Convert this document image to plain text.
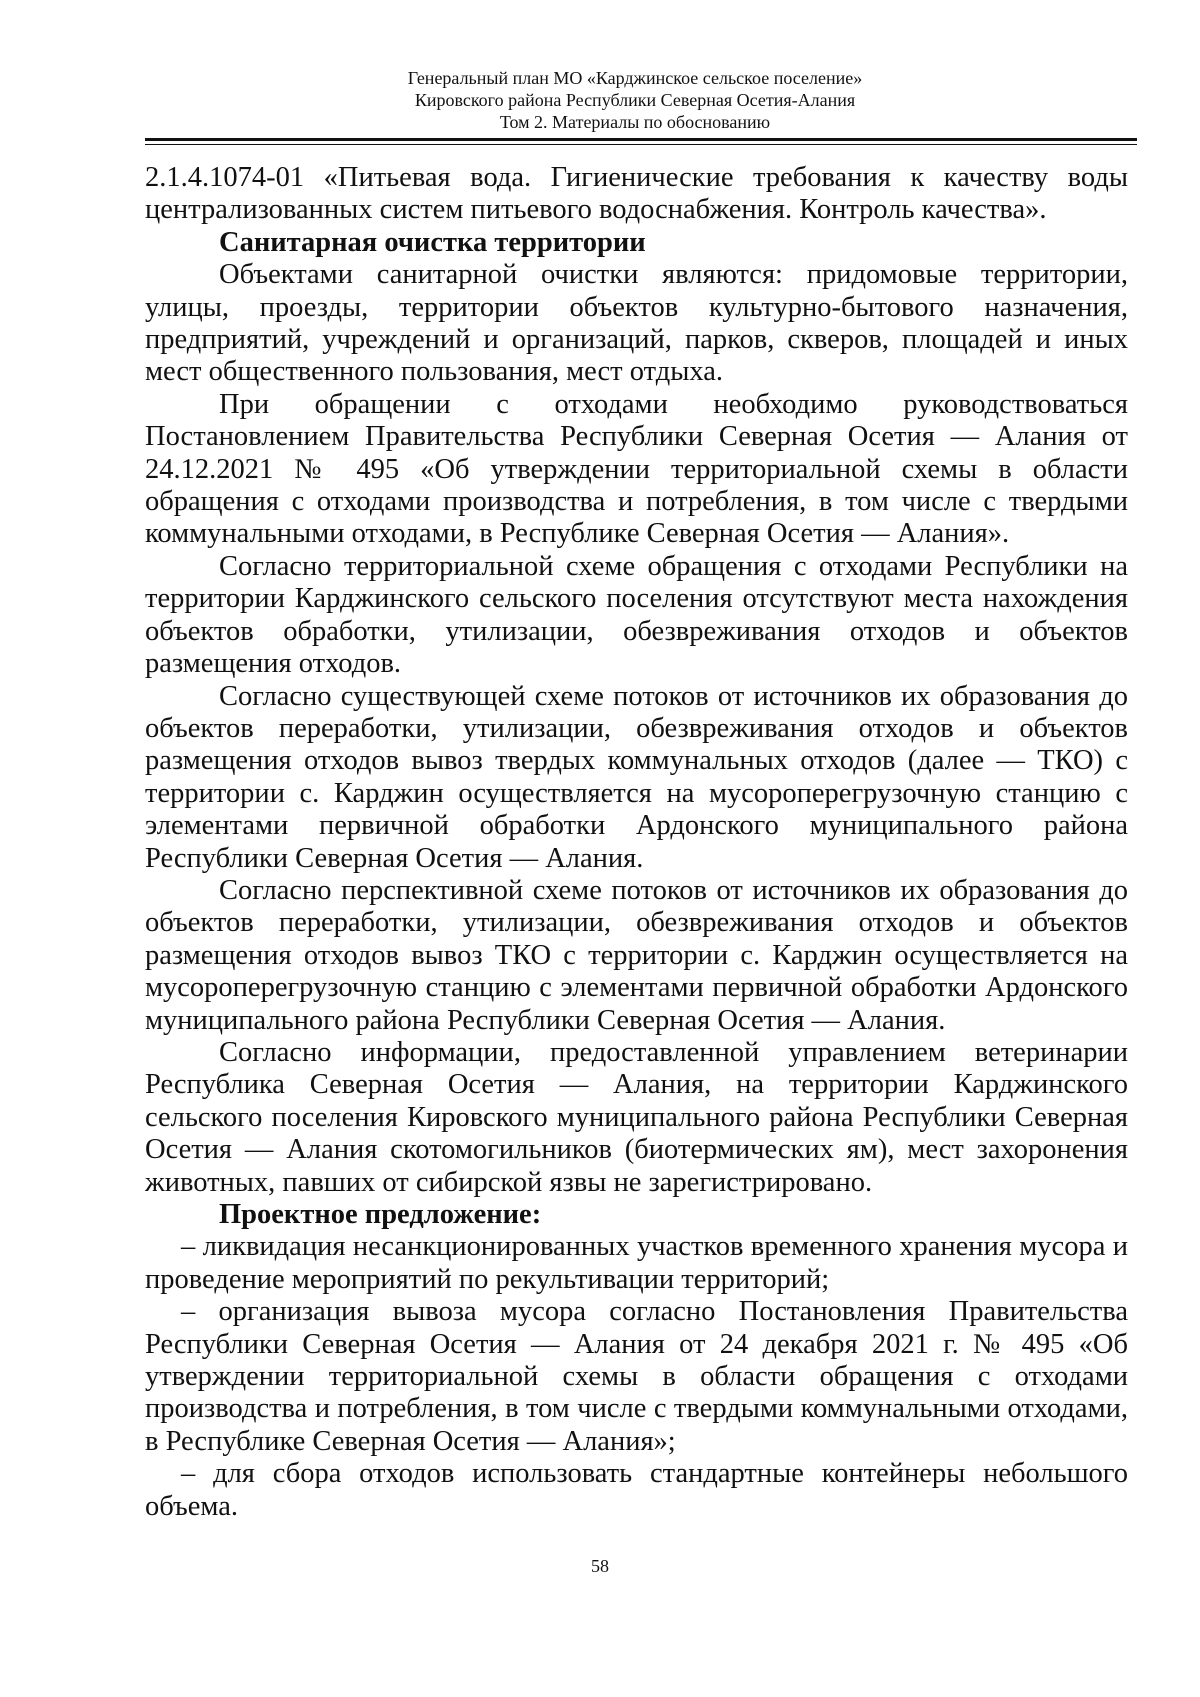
Генеральный план МО «Карджинское сельское поселение»
Кировского района Республики Северная Осетия-Алания
Том 2. Материалы по обоснованию

2.1.4.1074-01 «Питьевая вода. Гигиенические требования к качеству воды централизованных систем питьевого водоснабжения. Контроль качества».

Санитарная очистка территории

Объектами санитарной очистки являются: придомовые территории, улицы, проезды, территории объектов культурно-бытового назначения, предприятий, учреждений и организаций, парков, скверов, площадей и иных мест общественного пользования, мест отдыха.

При обращении с отходами необходимо руководствоваться Постановлением Правительства Республики Северная Осетия — Алания от 24.12.2021 № 495 «Об утверждении территориальной схемы в области обращения с отходами производства и потребления, в том числе с твердыми коммунальными отходами, в Республике Северная Осетия — Алания».

Согласно территориальной схеме обращения с отходами Республики на территории Карджинского сельского поселения отсутствуют места нахождения объектов обработки, утилизации, обезвреживания отходов и объектов размещения отходов.

Согласно существующей схеме потоков от источников их образования до объектов переработки, утилизации, обезвреживания отходов и объектов размещения отходов вывоз твердых коммунальных отходов (далее — ТКО) с территории с. Карджин осуществляется на мусороперегрузочную станцию с элементами первичной обработки Ардонского муниципального района Республики Северная Осетия — Алания.

Согласно перспективной схеме потоков от источников их образования до объектов переработки, утилизации, обезвреживания отходов и объектов размещения отходов вывоз ТКО с территории с. Карджин осуществляется на мусороперегрузочную станцию с элементами первичной обработки Ардонского муниципального района Республики Северная Осетия — Алания.

Согласно информации, предоставленной управлением ветеринарии Республика Северная Осетия — Алания, на территории Карджинского сельского поселения Кировского муниципального района Республики Северная Осетия — Алания скотомогильников (биотермических ям), мест захоронения животных, павших от сибирской язвы не зарегистрировано.

Проектное предложение:

– ликвидация несанкционированных участков временного хранения мусора и проведение мероприятий по рекультивации территорий;

– организация вывоза мусора согласно Постановления Правительства Республики Северная Осетия — Алания от 24 декабря 2021 г. № 495 «Об утверждении территориальной схемы в области обращения с отходами производства и потребления, в том числе с твердыми коммунальными отходами, в Республике Северная Осетия — Алания»;

– для сбора отходов использовать стандартные контейнеры небольшого объема.

58
